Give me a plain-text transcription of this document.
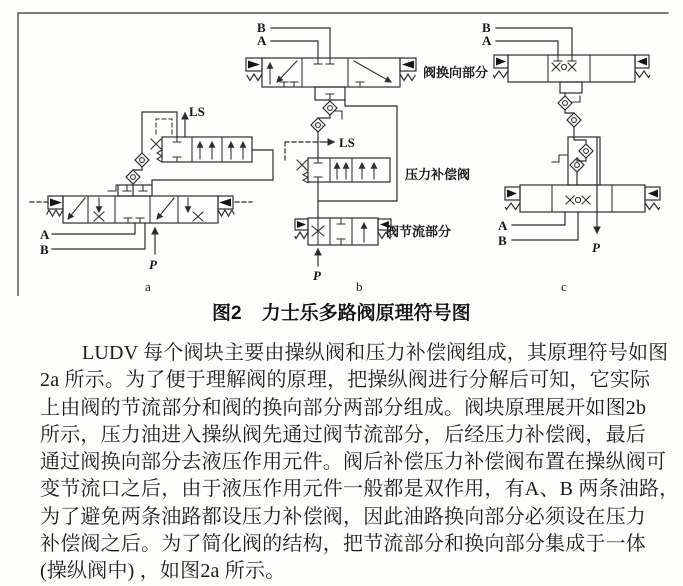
LS
A
B
P
a
B
A
阀换向部分
LS
压力补偿阀
阀节流部分
P
b
B
A
A
B	P
c
图2 力士乐多路阀原理符号图
LUDV 每个阀块主要由操纵阀和压力补偿阀组成，其原理符号如图
2a 所示。为了便于理解阀的原理，把操纵阀进行分解后可知，它实际
上由阀的节流部分和阀的换向部分两部分组成。阀块原理展开如图2b
所示，压力油进入操纵阀先通过阀节流部分，后经压力补偿阀，最后
通过阀换向部分去液压作用元件。阀后补偿压力补偿阀布置在操纵阀可
变节流口之后，由于液压作用元件一般都是双作用，有A、B 两条油路，
为了避免两条油路都设压力补偿阀，因此油路换向部分必须设在压力
补偿阀之后。为了简化阀的结构，把节流部分和换向部分集成于一体
(操纵阀中) ，如图2a 所示。
